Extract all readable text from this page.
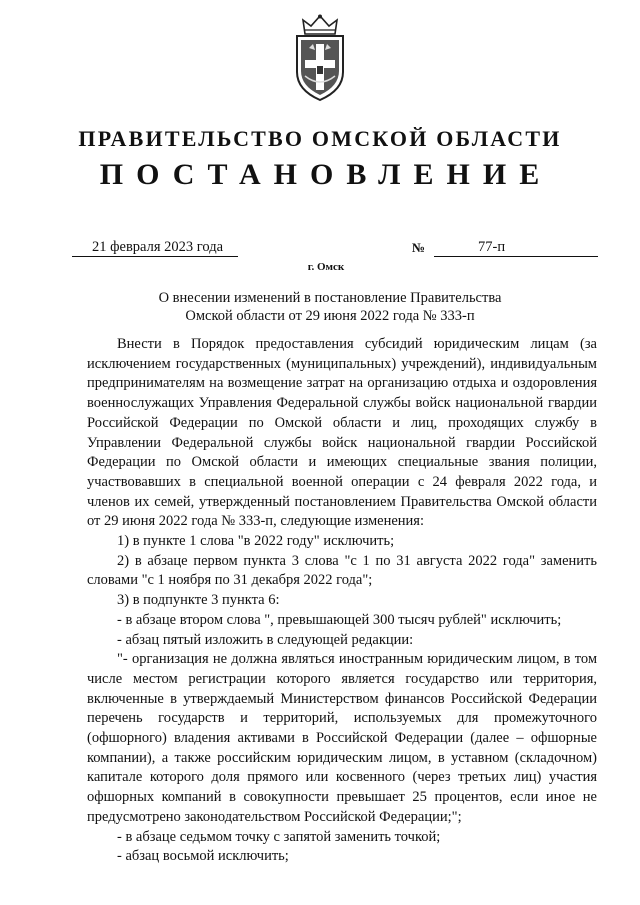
ПРАВИТЕЛЬСТВО ОМСКОЙ ОБЛАСТИ
ПОСТАНОВЛЕНИЕ
21 февраля 2023 года	№	77-п
г. Омск
О внесении изменений в постановление Правительства
Омской области от 29 июня 2022 года № 333-п

Внести в Порядок предоставления субсидий юридическим лицам (за исключением государственных (муниципальных) учреждений), индивидуальным предпринимателям на возмещение затрат на организацию отдыха и оздоровления военнослужащих Управления Федеральной службы войск национальной гвардии Российской Федерации по Омской области и лиц, проходящих службу в Управлении Федеральной службы войск национальной гвардии Российской Федерации по Омской области и имеющих специальные звания полиции, участвовавших в специальной военной операции с 24 февраля 2022 года, и членов их семей, утвержденный постановлением Правительства Омской области от 29 июня 2022 года № 333-п, следующие изменения:

1) в пункте 1 слова "в 2022 году" исключить;

2) в абзаце первом пункта 3 слова "с 1 по 31 августа 2022 года" заменить словами "с 1 ноября по 31 декабря 2022 года";

3) в подпункте 3 пункта 6:

- в абзаце втором слова ", превышающей 300 тысяч рублей" исключить;

- абзац пятый изложить в следующей редакции:

"- организация не должна являться иностранным юридическим лицом, в том числе местом регистрации которого является государство или территория, включенные в утверждаемый Министерством финансов Российской Федерации перечень государств и территорий, используемых для промежуточного (офшорного) владения активами в Российской Федерации (далее – офшорные компании), а также российским юридическим лицом, в уставном (складочном) капитале которого доля прямого или косвенного (через третьих лиц) участия офшорных компаний в совокупности превышает 25 процентов, если иное не предусмотрено законодательством Российской Федерации;";

- в абзаце седьмом точку с запятой заменить точкой;

- абзац восьмой исключить;
